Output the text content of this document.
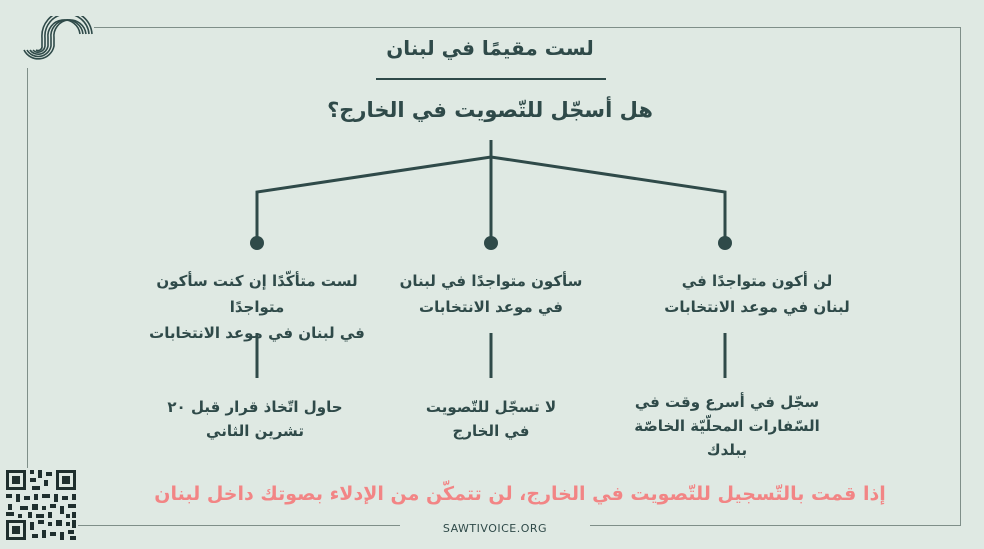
لست مقيمًا في لبنان
هل أسجّل للتّصويت في الخارج؟
لن أكون متواجدًا في
لبنان في موعد الانتخابات
سأكون متواجدًا في لبنان
في موعد الانتخابات
لست متأكّدًا إن كنت سأكون متواجدًا
في لبنان في موعد الانتخابات
سجّل في أسرع وقت في
السّفارات المحلّيّة الخاصّة
ببلدك
لا تسجّل للتّصويت
في الخارج
حاول اتّخاذ قرار قبل ٢٠
تشرين الثاني
إذا قمت بالتّسجيل للتّصويت في الخارج، لن تتمكّن من الإدلاء بصوتك داخل لبنان
SAWTIVOICE.ORG
